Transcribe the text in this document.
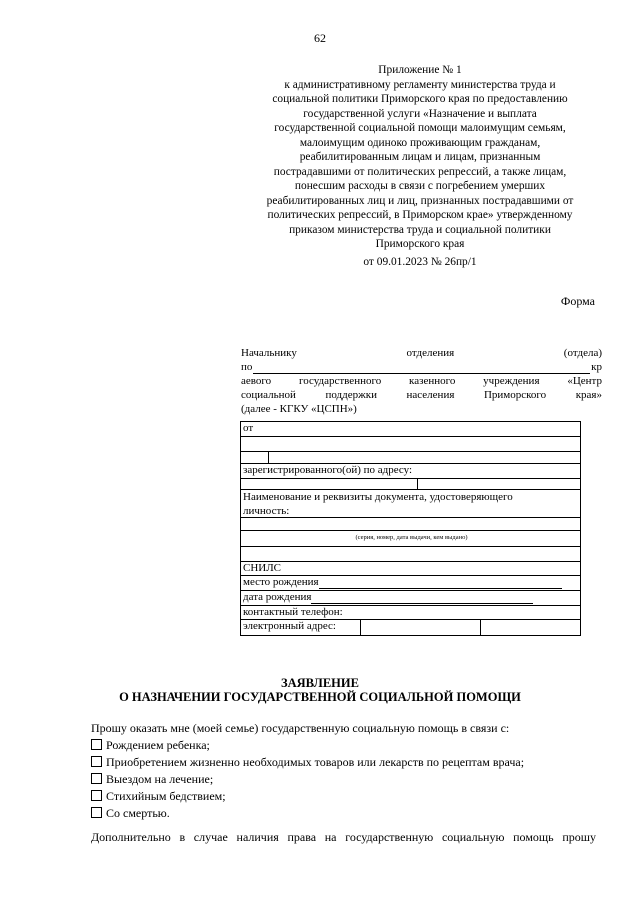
62
Приложение № 1
к административному регламенту министерства труда и
социальной политики Приморского края по предоставлению
государственной услуги «Назначение и выплата
государственной социальной помощи малоимущим семьям,
малоимущим одиноко проживающим гражданам,
реабилитированным лицам и лицам, признанным
пострадавшими от политических репрессий, а также лицам,
понесшим расходы в связи с погребением умерших
реабилитированных лиц и лиц, признанных пострадавшими от
политических репрессий, в Приморском крае» утвержденному
приказом министерства труда и социальной политики
Приморского края
от 09.01.2023 № 26пр/1
Форма
Начальнику	отделения	(отдела)
по	кр
аевого государственного казенного учреждения «Центр
социальной поддержки населения Приморского края»
(далее - КГКУ «ЦСПН»)
от
зарегистрированного(ой) по адресу:
Наименование и реквизиты документа, удостоверяющего
личность:
(серия, номер, дата выдачи, кем выдано)
СНИЛС
место рождения
дата рождения
контактный телефон:
электронный адрес:
ЗАЯВЛЕНИЕ
О НАЗНАЧЕНИИ ГОСУДАРСТВЕННОЙ СОЦИАЛЬНОЙ ПОМОЩИ
Прошу оказать мне (моей семье) государственную социальную помощь в связи с:
Рождением ребенка;
Приобретением жизненно необходимых товаров или лекарств по рецептам врача;
Выездом на лечение;
Стихийным бедствием;
Со смертью.
Дополнительно в случае наличия права на государственную социальную помощь прошу
